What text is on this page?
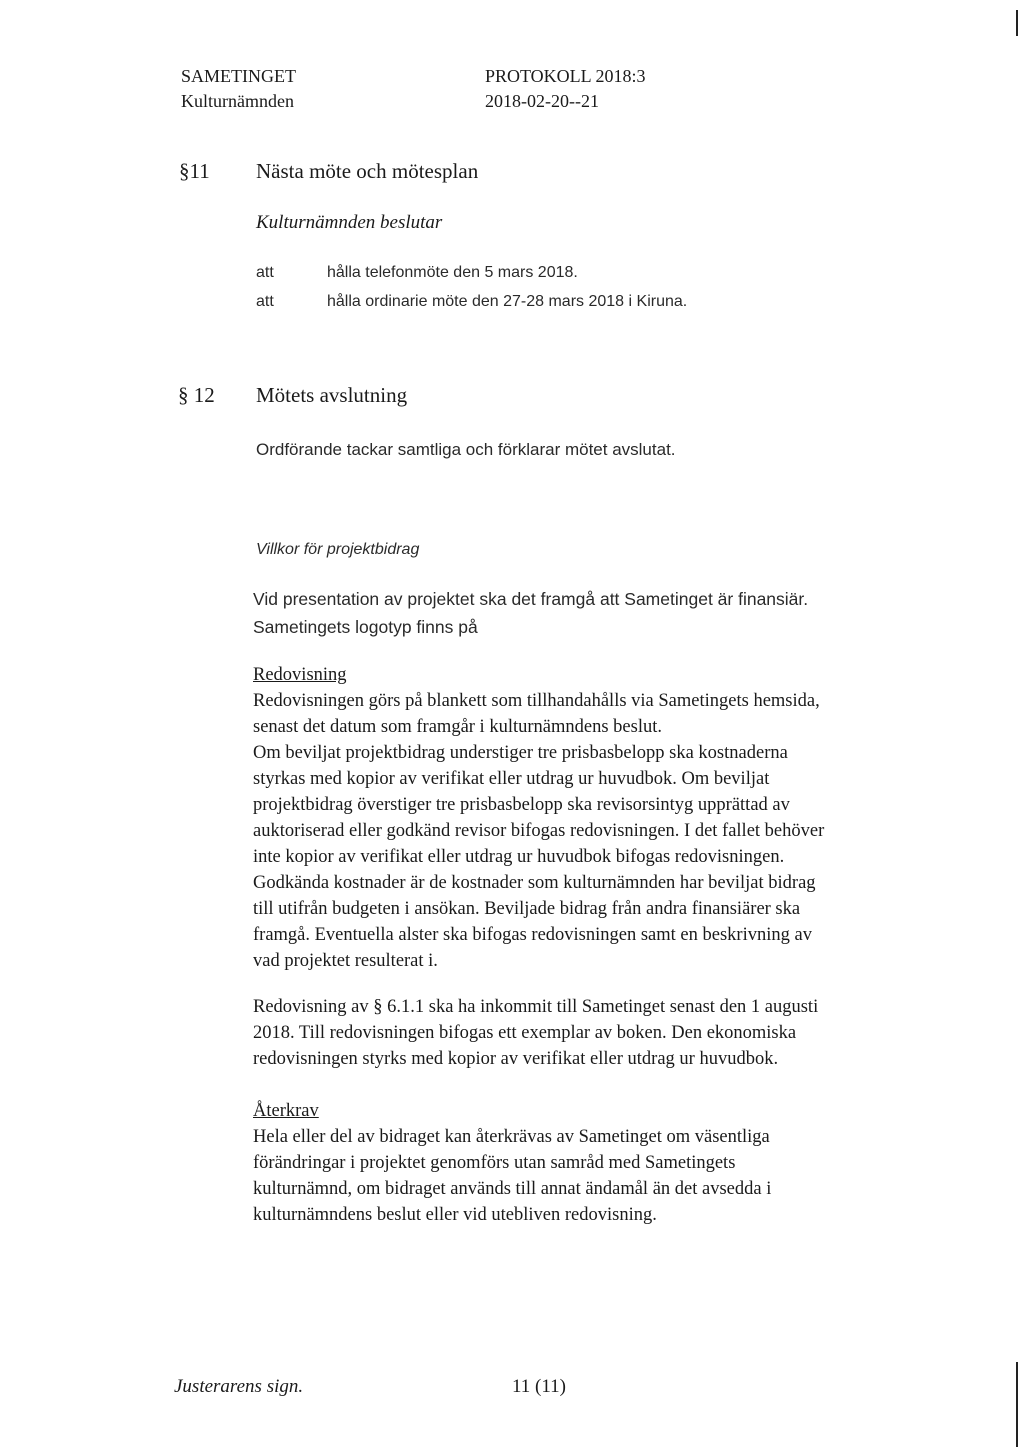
SAMETINGET
Kulturnämnden
PROTOKOLL 2018:3
2018-02-20--21
§11 Nästa möte och mötesplan
Kulturnämnden beslutar
att	hålla telefonmöte den 5 mars 2018.
att	hålla ordinarie möte den 27-28 mars 2018 i Kiruna.
§ 12 Mötets avslutning
Ordförande tackar samtliga och förklarar mötet avslutat.
Villkor för projektbidrag
Vid presentation av projektet ska det framgå att Sametinget är finansiär.
Sametingets logotyp finns på
Redovisning
Redovisningen görs på blankett som tillhandahålls via Sametingets hemsida,
senast det datum som framgår i kulturnämndens beslut.
Om beviljat projektbidrag understiger tre prisbasbelopp ska kostnaderna
styrkas med kopior av verifikat eller utdrag ur huvudbok. Om beviljat
projektbidrag överstiger tre prisbasbelopp ska revisorsintyg upprättad av
auktoriserad eller godkänd revisor bifogas redovisningen. I det fallet behöver
inte kopior av verifikat eller utdrag ur huvudbok bifogas redovisningen.
Godkända kostnader är de kostnader som kulturnämnden har beviljat bidrag
till utifrån budgeten i ansökan. Beviljade bidrag från andra finansiärer ska
framgå. Eventuella alster ska bifogas redovisningen samt en beskrivning av
vad projektet resulterat i.
Redovisning av § 6.1.1 ska ha inkommit till Sametinget senast den 1 augusti
2018. Till redovisningen bifogas ett exemplar av boken. Den ekonomiska
redovisningen styrks med kopior av verifikat eller utdrag ur huvudbok.
Återkrav
Hela eller del av bidraget kan återkrävas av Sametinget om väsentliga
förändringar i projektet genomförs utan samråd med Sametingets
kulturnämnd, om bidraget används till annat ändamål än det avsedda i
kulturnämndens beslut eller vid utebliven redovisning.
Justerarens sign.	11 (11)
